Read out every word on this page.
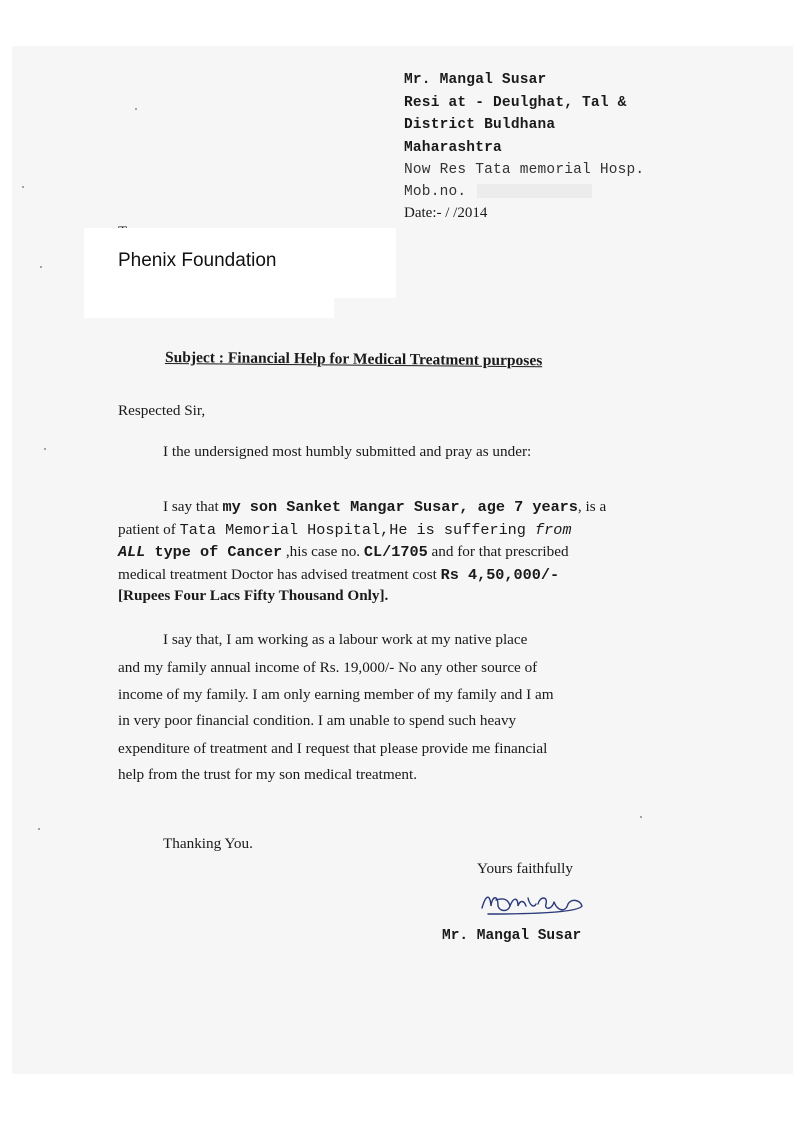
Mr. Mangal Susar
Resi at - Deulghat, Tal &
District Buldhana
Maharashtra
Now Res Tata memorial Hosp.
Mob.no.
Date:- / /2014
Phenix Foundation
Subject : Financial Help for Medical Treatment purposes
Respected Sir,
I the undersigned most humbly submitted and pray as under:
I say that my son Sanket Mangar Susar, age 7 years, is a
patient of Tata Memorial Hospital,He is suffering from
ALL type of Cancer ,his case no. CL/1705 and for that prescribed
medical treatment Doctor has advised treatment cost Rs 4,50,000/-
[Rupees Four Lacs Fifty Thousand Only].
I say that, I am working as a labour work at my native place
and my family annual income of Rs. 19,000/- No any other source of
income of my family. I am only earning member of my family and I am
in very poor financial condition. I am unable to spend such heavy
expenditure of treatment and I request that please provide me financial
help from the trust for my son medical treatment.
Thanking You.
Yours faithfully
Mr. Mangal Susar
